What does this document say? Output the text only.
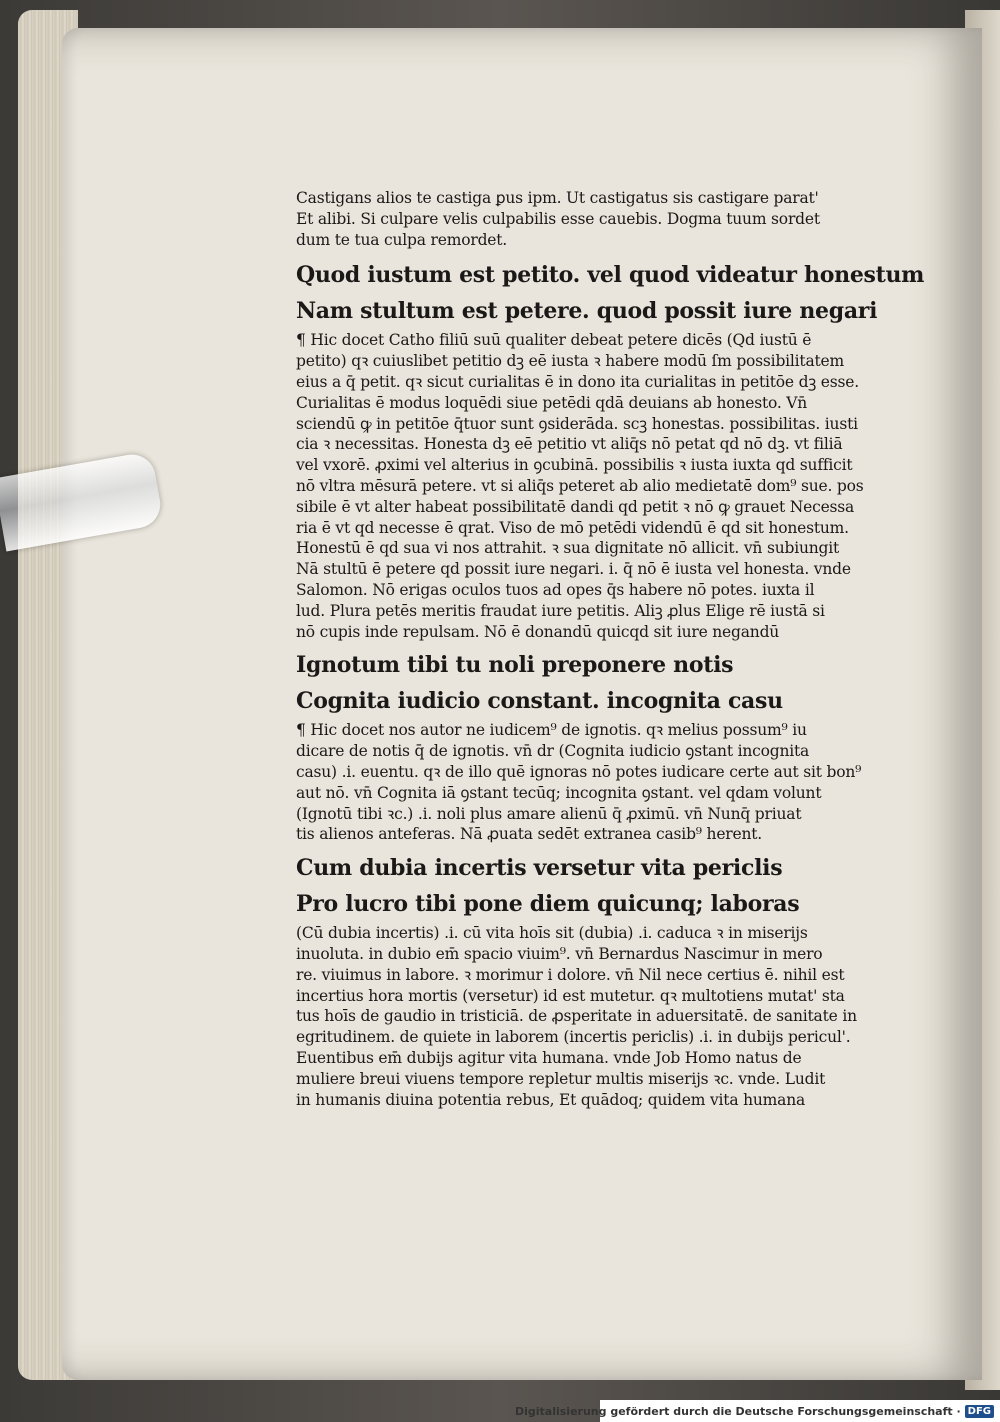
Castigans alios te castiga ꝑus ipm. Ut castigatus sis castigare parat'
Et alibi. Si culpare velis culpabilis esse cauebis. Dogma tuum sordet
dum te tua culpa remordet.
Quod iustum est petito. vel quod videatur honestum
Nam stultum est petere. quod possit iure negari
¶ Hic docet Catho filiū suū qualiter debeat petere dicēs (Qd iustū ē
petito) qꝛ cuiuslibet petitio dꝫ eē iusta ꝛ habere modū ſm possibilitatem
eius a q̄ petit. qꝛ sicut curialitas ē in dono ita curialitas in petitōe dꝫ esse.
Curialitas ē modus loquēdi siue petēdi qdā deuians ab honesto. Vn̄
sciendū ꝙ in petitōe q̄tuor sunt ꝯsiderāda. scꝫ honestas. possibilitas. iusti
cia ꝛ necessitas. Honesta dꝫ eē petitio vt aliq̄s nō petat qd nō dꝫ. vt filiā
vel vxorē. ꝓximi vel alterius in ꝯcubinā. possibilis ꝛ iusta iuxta qd sufficit
nō vltra mēsurā petere. vt si aliq̄s peteret ab alio medietatē dom⁹ sue. pos
sibile ē vt alter habeat possibilitatē dandi qd petit ꝛ nō ꝙ grauet Necessa
ria ē vt qd necesse ē qrat. Viso de mō petēdi videndū ē qd sit honestum.
Honestū ē qd sua vi nos attrahit. ꝛ sua dignitate nō allicit. vn̄ subiungit
Nā stultū ē petere qd possit iure negari. i. q̄ nō ē iusta vel honesta. vnde
Salomon. Nō erigas oculos tuos ad opes q̄s habere nō potes. iuxta il
lud. Plura petēs meritis fraudat iure petitis. Aliꝫ ꝓlus Elige rē iustā si
nō cupis inde repulsam. Nō ē donandū quicqd sit iure negandū
Ignotum tibi tu noli preponere notis
Cognita iudicio constant. incognita casu
¶ Hic docet nos autor ne iudicem⁹ de ignotis. qꝛ melius possum⁹ iu
dicare de notis q̄ de ignotis. vn̄ dr (Cognita iudicio ꝯstant incognita
casu) .i. euentu. qꝛ de illo quē ignoras nō potes iudicare certe aut sit bon⁹
aut nō. vn̄ Cognita iā ꝯstant tecūq; incognita ꝯstant. vel qdam volunt
(Ignotū tibi ꝛc.) .i. noli plus amare alienū q̄ ꝓximū. vn̄ Nunq̄ priuat
tis alienos anteferas. Nā ꝓuata sedēt extranea casib⁹ herent.
Cum dubia incertis versetur vita periclis
Pro lucro tibi pone diem quicunq; laboras
(Cū dubia incertis) .i. cū vita hoīs sit (dubia) .i. caduca ꝛ in miserijs
inuoluta. in dubio em̄ spacio viuim⁹. vn̄ Bernardus Nascimur in mero
re. viuimus in labore. ꝛ morimur i dolore. vn̄ Nil nece certius ē. nihil est
incertius hora mortis (versetur) id est mutetur. qꝛ multotiens mutat' sta
tus hoīs de gaudio in tristiciā. de ꝓsperitate in aduersitatē. de sanitate in
egritudinem. de quiete in laborem (incertis periclis) .i. in dubijs pericul'.
Euentibus em̄ dubijs agitur vita humana. vnde Job Homo natus de
muliere breui viuens tempore repletur multis miserijs ꝛc. vnde. Ludit
in humanis diuina potentia rebus, Et quādoq; quidem vita humana
Digitalisierung gefördert durch die Deutsche Forschungsgemeinschaft · DFG
